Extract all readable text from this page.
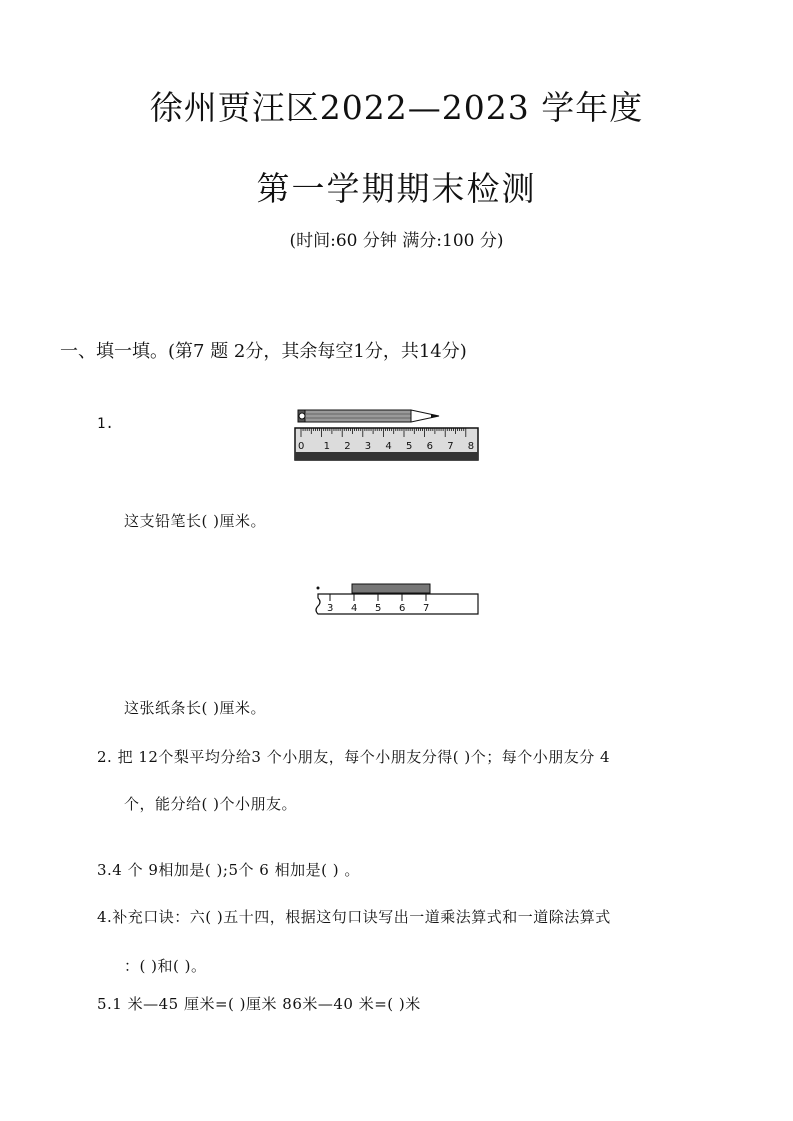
徐州贾汪区2022—2023 学年度
第一学期期末检测
(时间:60 分钟 满分:100 分)
一、填一填。(第7 题 2分，其余每空1分，共14分)
1.
0 1 2 3 4 5 6 7 8
这支铅笔长( )厘米。
3 4 5 6 7
这张纸条长( )厘米。
2. 把 12个梨平均分给3 个小朋友，每个小朋友分得( )个；每个小朋友分 4
个，能分给( )个小朋友。
3.4 个 9相加是( );5个 6 相加是( ) 。
4.补充口诀：六( )五十四，根据这句口诀写出一道乘法算式和一道除法算式
：( )和( )。
5.1 米—45 厘米=( )厘米 86米—40 米=( )米
